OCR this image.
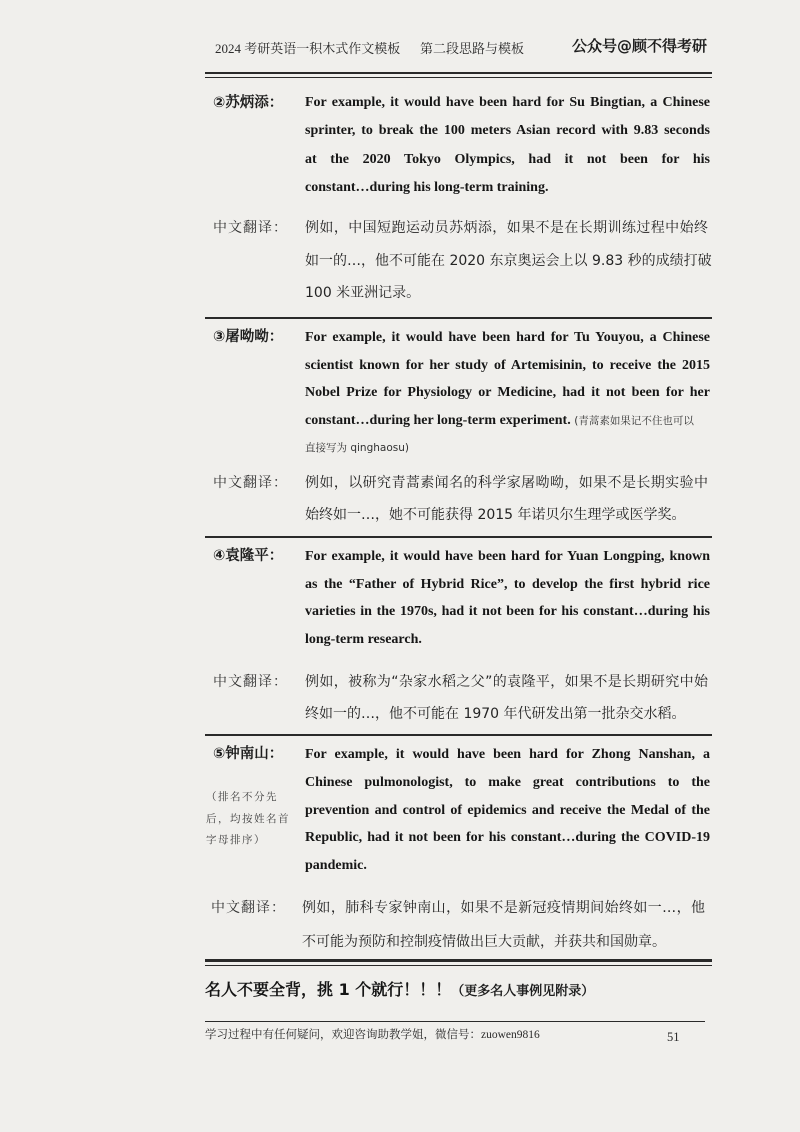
2024 考研英语一积木式作文模板 第二段思路与模板	公众号@顾不得考研
②苏炳添： For example, it would have been hard for Su Bingtian, a Chinese
sprinter, to break the 100 meters Asian record with 9.83 seconds
at the 2020 Tokyo Olympics, had it not been for his
constant…during his long-term training.
中文翻译： 例如，中国短跑运动员苏炳添，如果不是在长期训练过程中始终
如一的…，他不可能在 2020 东京奥运会上以 9.83 秒的成绩打破
100 米亚洲记录。
③屠呦呦： For example, it would have been hard for Tu Youyou, a Chinese
scientist known for her study of Artemisinin, to receive the 2015
Nobel Prize for Physiology or Medicine, had it not been for her
constant…during her long-term experiment. (青蒿素如果记不住也可以
直接写为 qinghaosu)
中文翻译： 例如，以研究青蒿素闻名的科学家屠呦呦，如果不是长期实验中
始终如一…，她不可能获得 2015 年诺贝尔生理学或医学奖。
④袁隆平： For example, it would have been hard for Yuan Longping, known
as the “Father of Hybrid Rice”, to develop the first hybrid rice
varieties in the 1970s, had it not been for his constant…during his
long-term research.
中文翻译： 例如，被称为“杂家水稻之父”的袁隆平，如果不是长期研究中始
终如一的…，他不可能在 1970 年代研发出第一批杂交水稻。
⑤钟南山：
（排名不分先
后，均按姓名首
字母排序）
For example, it would have been hard for Zhong Nanshan, a
Chinese pulmonologist, to make great contributions to the
prevention and control of epidemics and receive the Medal of the
Republic, had it not been for his constant…during the COVID-19
pandemic.
中文翻译： 例如，肺科专家钟南山，如果不是新冠疫情期间始终如一…，他
不可能为预防和控制疫情做出巨大贡献，并获共和国勋章。
名人不要全背，挑 1 个就行！！！（更多名人事例见附录）
学习过程中有任何疑问，欢迎咨询助教学姐，微信号：zuowen9816	51
